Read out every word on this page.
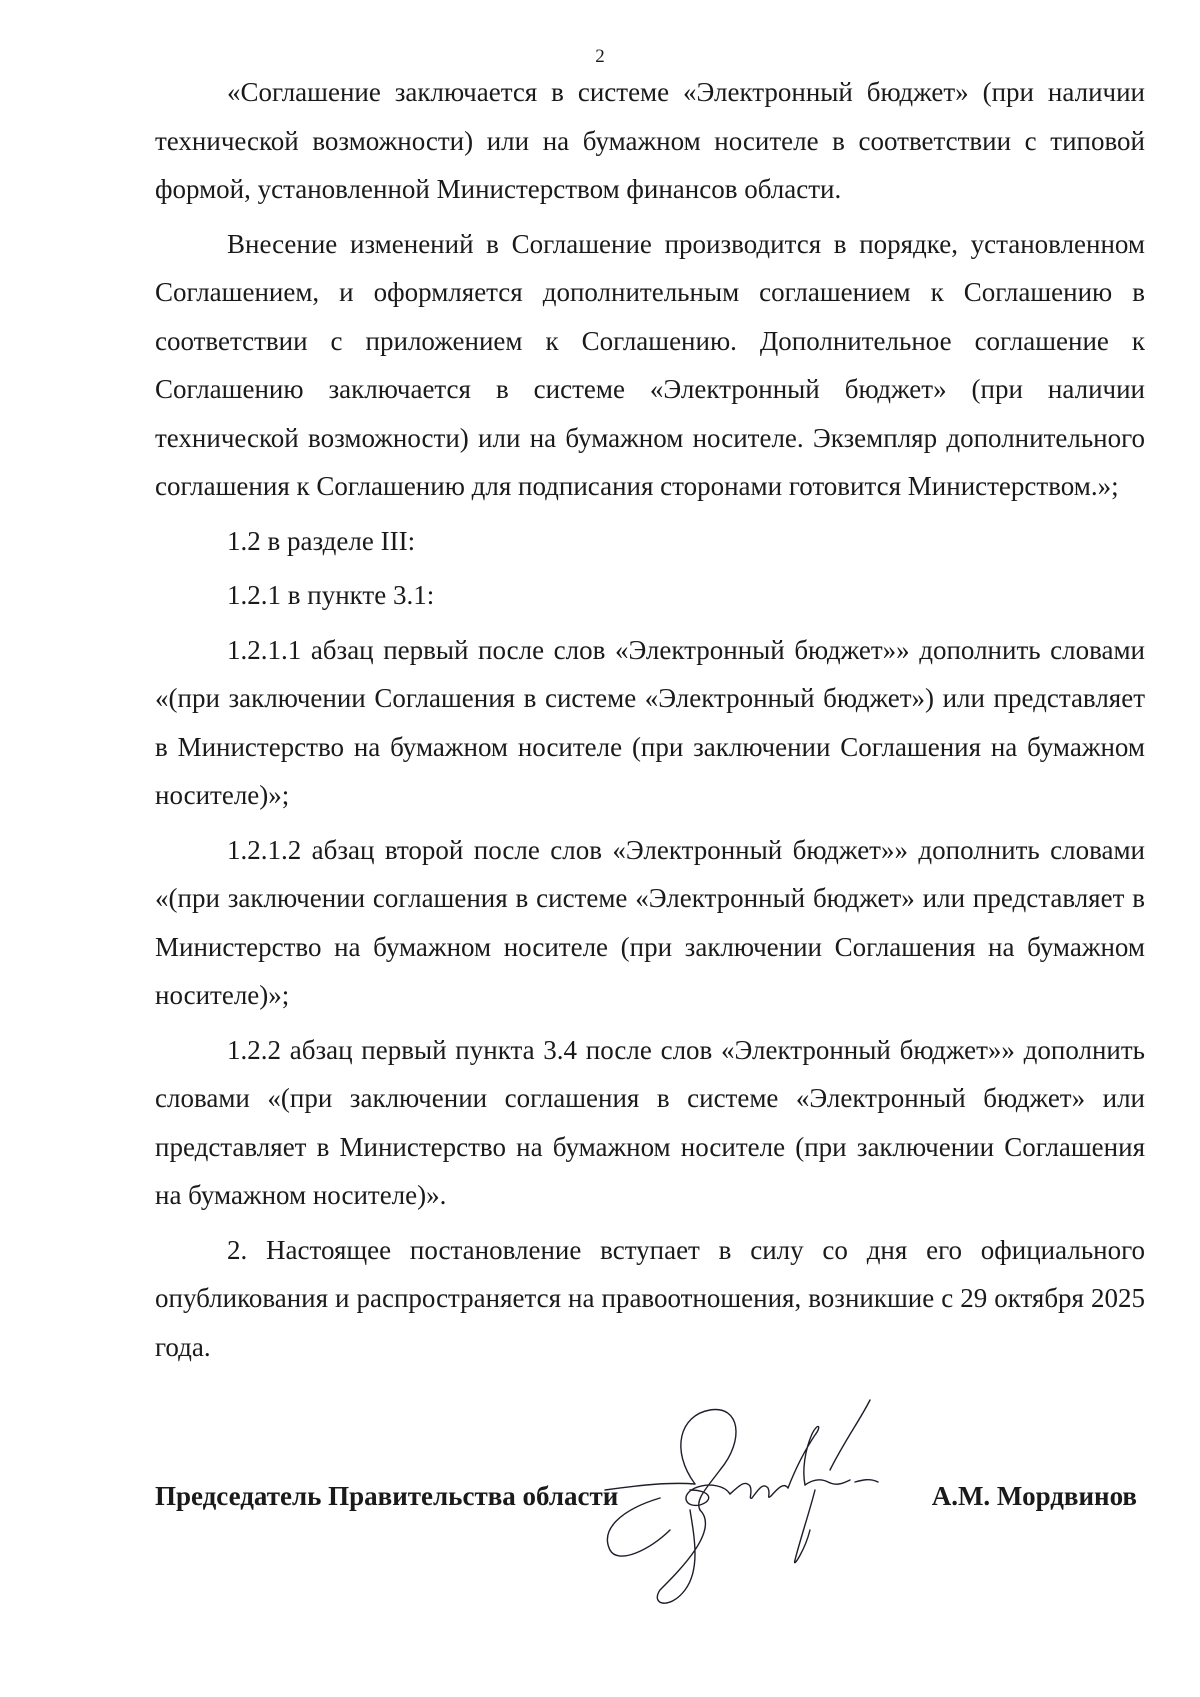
2

«Соглашение заключается в системе «Электронный бюджет» (при наличии технической возможности) или на бумажном носителе в соответствии с типовой формой, установленной Министерством финансов области.

Внесение изменений в Соглашение производится в порядке, установленном Соглашением, и оформляется дополнительным соглашением к Соглашению в соответствии с приложением к Соглашению. Дополнительное соглашение к Соглашению заключается в системе «Электронный бюджет» (при наличии технической возможности) или на бумажном носителе. Экземпляр дополнительного соглашения к Соглашению для подписания сторонами готовится Министерством.»;

1.2 в разделе III:

1.2.1 в пункте 3.1:

1.2.1.1 абзац первый после слов «Электронный бюджет»» дополнить словами «(при заключении Соглашения в системе «Электронный бюджет») или представляет в Министерство на бумажном носителе (при заключении Соглашения на бумажном носителе)»;

1.2.1.2 абзац второй после слов «Электронный бюджет»» дополнить словами «(при заключении соглашения в системе «Электронный бюджет» или представляет в Министерство на бумажном носителе (при заключении Соглашения на бумажном носителе)»;

1.2.2 абзац первый пункта 3.4 после слов «Электронный бюджет»» дополнить словами «(при заключении соглашения в системе «Электронный бюджет» или представляет в Министерство на бумажном носителе (при заключении Соглашения на бумажном носителе)».

2. Настоящее постановление вступает в силу со дня его официального опубликования и распространяется на правоотношения, возникшие с 29 октября 2025 года.

Председатель Правительства области	А.М. Мордвинов
